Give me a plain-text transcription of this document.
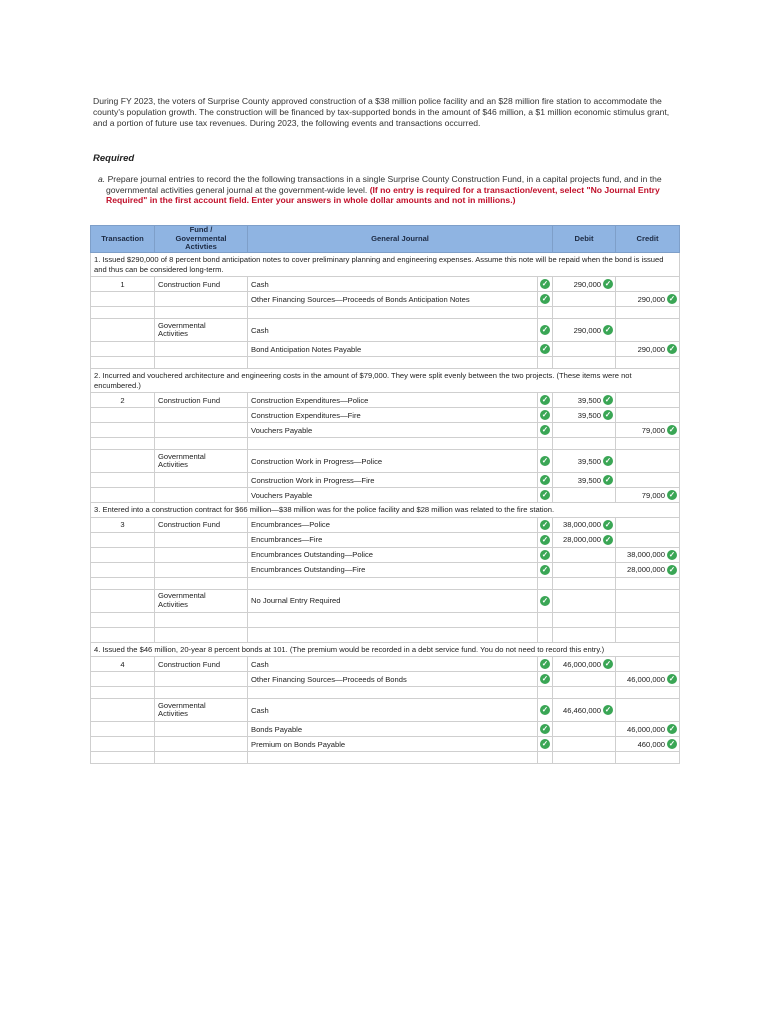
During FY 2023, the voters of Surprise County approved construction of a $38 million police facility and an $28 million fire station to accommodate the county's population growth. The construction will be financed by tax-supported bonds in the amount of $46 million, a $1 million economic stimulus grant, and a portion of future use tax revenues. During 2023, the following events and transactions occurred.
Required
a. Prepare journal entries to record the the following transactions in a single Surprise County Construction Fund, in a capital projects fund, and in the governmental activities general journal at the government-wide level. (If no entry is required for a transaction/event, select "No Journal Entry Required" in the first account field. Enter your answers in whole dollar amounts and not in millions.)
Transaction	Fund /
Governmental
Activties	General Journal		Debit	Credit
1. Issued $290,000 of 8 percent bond anticipation notes to cover preliminary planning and engineering expenses. Assume this note will be repaid when the bond is issued and thus can be considered long-term.					
1	Construction Fund	Cash	✓	290,000 ✓	
		Other Financing Sources—Proceeds of Bonds Anticipation Notes	✓		290,000 ✓

	Governmental
Activities	Cash	✓	290,000 ✓	
		Bond Anticipation Notes Payable	✓		290,000 ✓

2. Incurred and vouchered architecture and engineering costs in the amount of $79,000. They were split evenly between the two projects. (These items were not encumbered.)					
2	Construction Fund	Construction Expenditures—Police	✓	39,500 ✓	
		Construction Expenditures—Fire	✓	39,500 ✓	
		Vouchers Payable	✓		79,000 ✓

	Governmental
Activities	Construction Work in Progress—Police	✓	39,500 ✓	
		Construction Work in Progress—Fire	✓	39,500 ✓	
		Vouchers Payable	✓		79,000 ✓
3. Entered into a construction contract for $66 million—$38 million was for the police facility and $28 million was related to the fire station.					
3	Construction Fund	Encumbrances—Police	✓	38,000,000 ✓	
		Encumbrances—Fire	✓	28,000,000 ✓	
		Encumbrances Outstanding—Police	✓		38,000,000 ✓
		Encumbrances Outstanding—Fire	✓		28,000,000 ✓

	Governmental
Activities	No Journal Entry Required	✓		

4. Issued the $46 million, 20-year 8 percent bonds at 101. (The premium would be recorded in a debt service fund. You do not need to record this entry.)					
4	Construction Fund	Cash	✓	46,000,000 ✓	
		Other Financing Sources—Proceeds of Bonds	✓		46,000,000 ✓

	Governmental
Activities	Cash	✓	46,460,000 ✓	
		Bonds Payable	✓		46,000,000 ✓
		Premium on Bonds Payable	✓		460,000 ✓
